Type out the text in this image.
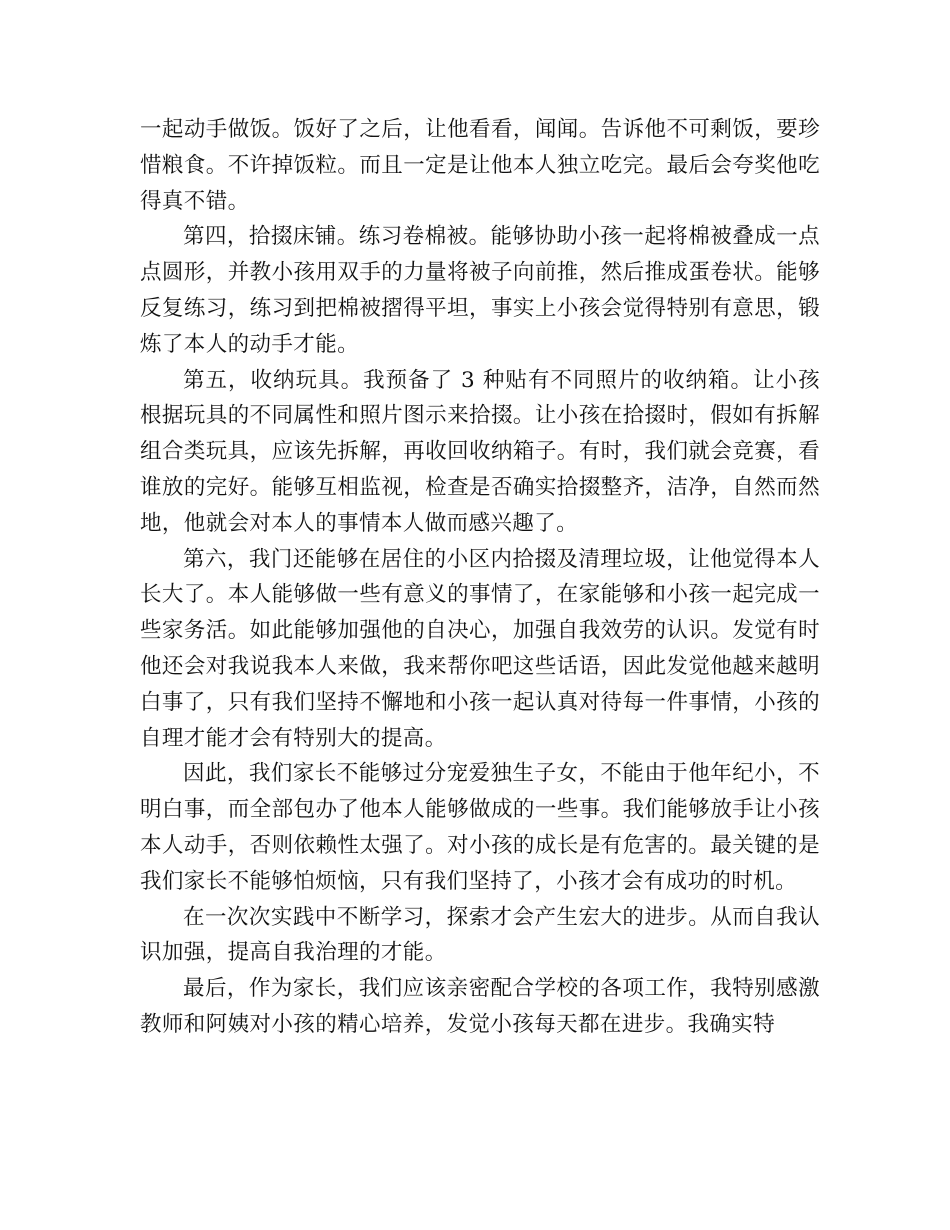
一起动手做饭。饭好了之后，让他看看，闻闻。告诉他不可剩饭，要珍惜粮食。不许掉饭粒。而且一定是让他本人独立吃完。最后会夸奖他吃得真不错。

第四，拾掇床铺。练习卷棉被。能够协助小孩一起将棉被叠成一点点圆形，并教小孩用双手的力量将被子向前推，然后推成蛋卷状。能够反复练习，练习到把棉被摺得平坦，事实上小孩会觉得特别有意思，锻炼了本人的动手才能。

第五，收纳玩具。我预备了 3 种贴有不同照片的收纳箱。让小孩根据玩具的不同属性和照片图示来拾掇。让小孩在拾掇时，假如有拆解组合类玩具，应该先拆解，再收回收纳箱子。有时，我们就会竞赛，看谁放的完好。能够互相监视，检查是否确实拾掇整齐，洁净，自然而然地，他就会对本人的事情本人做而感兴趣了。

第六，我门还能够在居住的小区内拾掇及清理垃圾，让他觉得本人长大了。本人能够做一些有意义的事情了，在家能够和小孩一起完成一些家务活。如此能够加强他的自决心，加强自我效劳的认识。发觉有时他还会对我说我本人来做，我来帮你吧这些话语，因此发觉他越来越明白事了，只有我们坚持不懈地和小孩一起认真对待每一件事情，小孩的自理才能才会有特别大的提高。

因此，我们家长不能够过分宠爱独生子女，不能由于他年纪小，不明白事，而全部包办了他本人能够做成的一些事。我们能够放手让小孩本人动手，否则依赖性太强了。对小孩的成长是有危害的。最关键的是我们家长不能够怕烦恼，只有我们坚持了，小孩才会有成功的时机。

在一次次实践中不断学习，探索才会产生宏大的进步。从而自我认识加强，提高自我治理的才能。

最后，作为家长，我们应该亲密配合学校的各项工作，我特别感激教师和阿姨对小孩的精心培养，发觉小孩每天都在进步。我确实特
